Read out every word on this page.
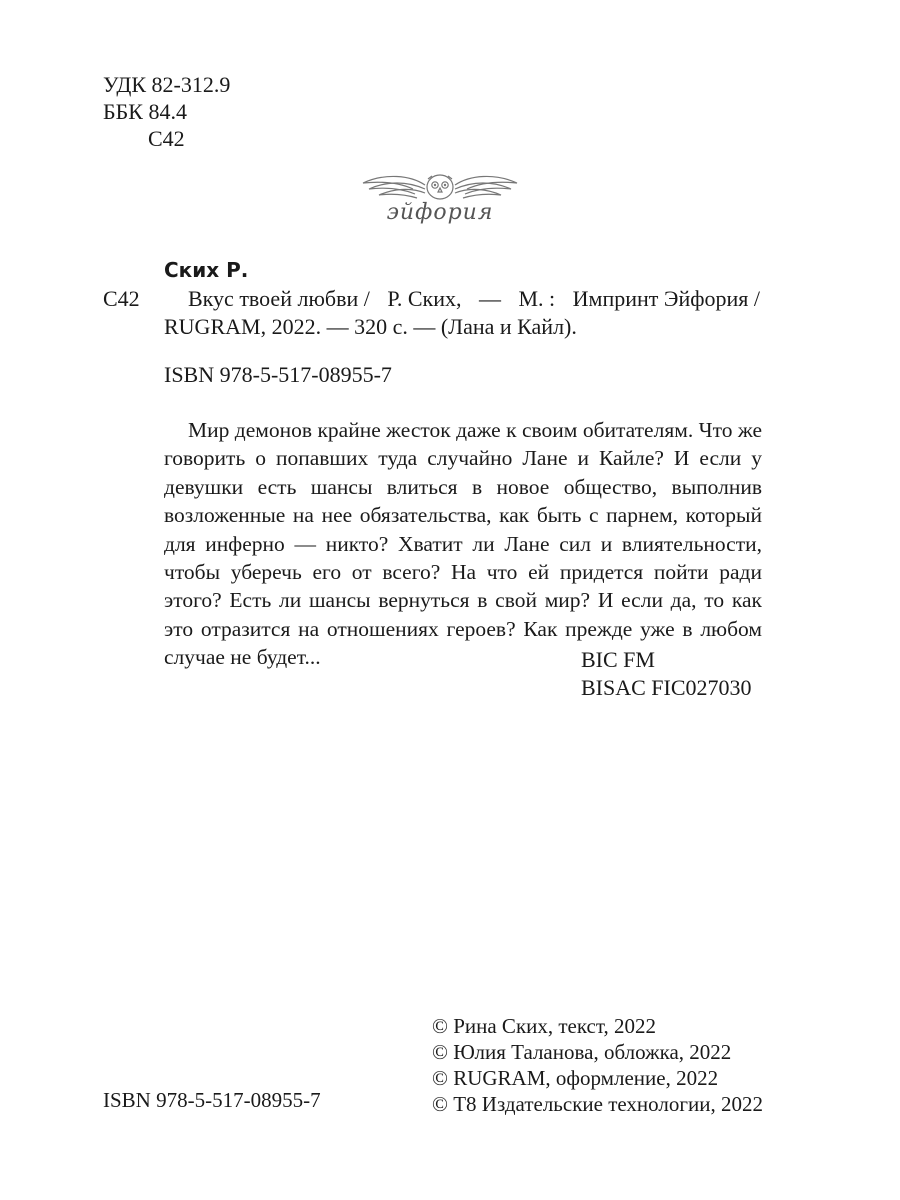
УДК 82-312.9
ББК 84.4
С42
эйфория
Ских Р.
С42 Вкус твоей любви / Р. Ских, — М. : Импринт Эйфория /
RUGRAM, 2022. — 320 с. — (Лана и Кайл).
ISBN 978-5-517-08955-7
Мир демонов крайне жесток даже к своим обитателям. Что же говорить о попавших туда случайно Лане и Кайле? И если у девушки есть шансы влиться в новое общество, выполнив возложенные на нее обязательства, как быть с парнем, который для инферно — никто? Хватит ли Лане сил и влиятельности, чтобы уберечь его от всего? На что ей придется пойти ради этого? Есть ли шансы вернуться в свой мир? И если да, то как это отразится на отношениях героев? Как прежде уже в любом случае не будет...	BIC FM
BISAC FIC027030
© Рина Ских, текст, 2022
© Юлия Таланова, обложка, 2022
© RUGRAM, оформление, 2022
© Т8 Издательские технологии, 2022
ISBN 978-5-517-08955-7
